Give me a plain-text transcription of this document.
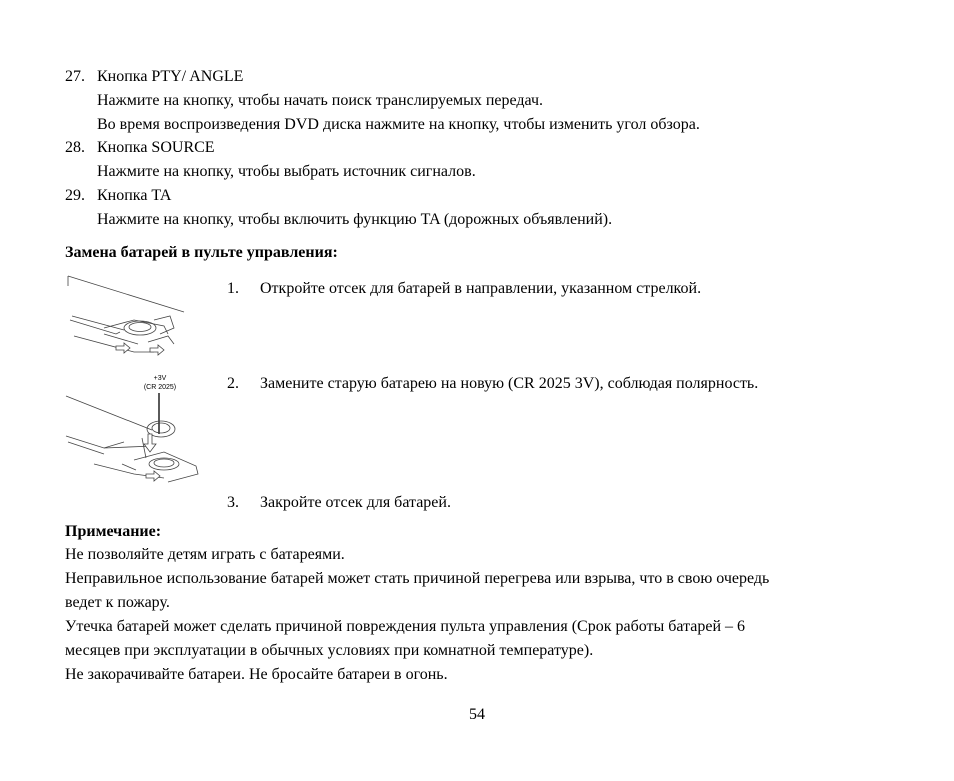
27. Кнопка PTY/ ANGLE
Нажмите на кнопку, чтобы начать поиск транслируемых передач.
Во время воспроизведения DVD диска нажмите на кнопку, чтобы изменить угол обзора.
28. Кнопка SOURCE
Нажмите на кнопку, чтобы выбрать источник сигналов.
29. Кнопка TA
Нажмите на кнопку, чтобы включить функцию TA (дорожных объявлений).
Замена батарей в пульте управления:
+3V
(CR 2025)
1. Откройте отсек для батарей в направлении, указанном стрелкой.
2. Замените старую батарею на новую (CR 2025 3V), соблюдая полярность.
3. Закройте отсек для батарей.
Примечание:
Не позволяйте детям играть с батареями.
Неправильное использование батарей может стать причиной перегрева или взрыва, что в свою очередь
ведет к пожару.
Утечка батарей может сделать причиной повреждения пульта управления (Срок работы батарей – 6
месяцев при эксплуатации в обычных условиях при комнатной температуре).
Не закорачивайте батареи. Не бросайте батареи в огонь.
54
